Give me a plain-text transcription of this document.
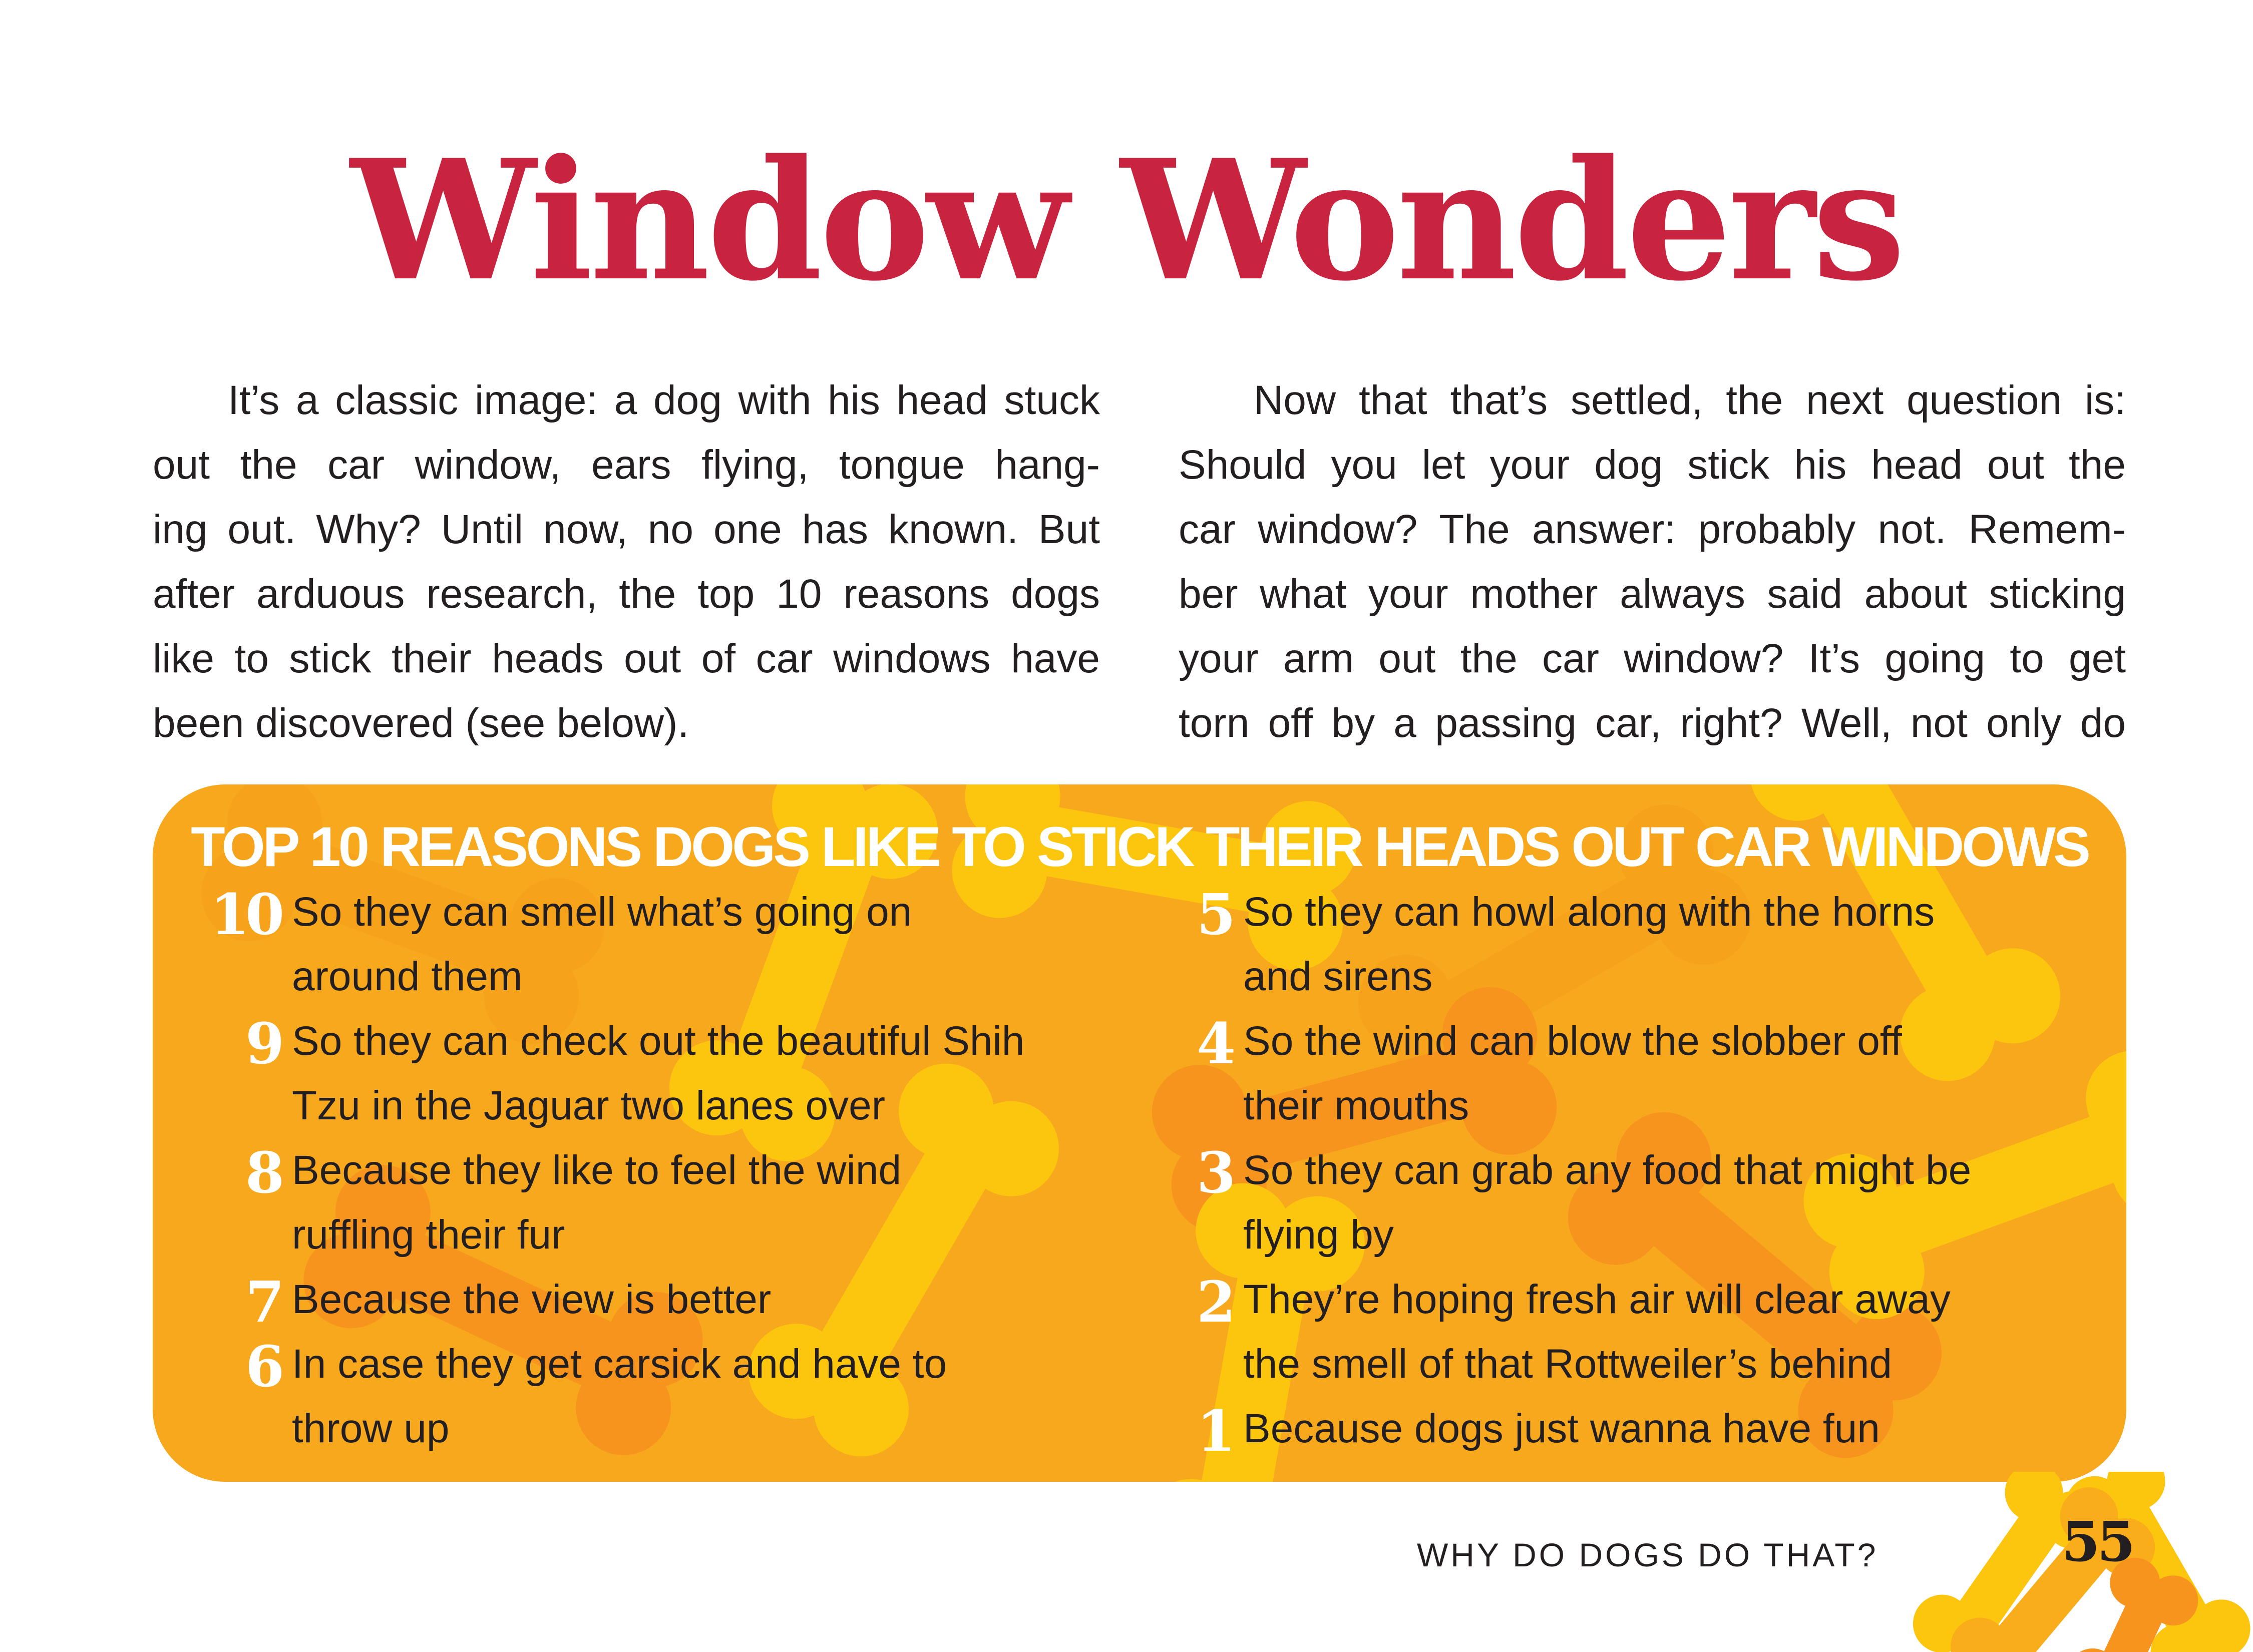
Window Wonders
It’s a classic image: a dog with his head stuck
out the car window, ears flying, tongue hang-
ing out. Why? Until now, no one has known. But
after arduous research, the top 10 reasons dogs
like to stick their heads out of car windows have
been discovered (see below).
Now that that’s settled, the next question is:
Should you let your dog stick his head out the
car window? The answer: probably not. Remem-
ber what your mother always said about sticking
your arm out the car window? It’s going to get
torn off by a passing car, right? Well, not only do
TOP 10 REASONS DOGS LIKE TO STICK THEIR HEADS OUT CAR WINDOWS
10 So they can smell what’s going on
around them
9 So they can check out the beautiful Shih
Tzu in the Jaguar two lanes over
8 Because they like to feel the wind
ruffling their fur
7 Because the view is better
6 In case they get carsick and have to
throw up
5 So they can howl along with the horns
and sirens
4 So the wind can blow the slobber off
their mouths
3 So they can grab any food that might be
flying by
2 They’re hoping fresh air will clear away
the smell of that Rottweiler’s behind
1 Because dogs just wanna have fun
WHY DO DOGS DO THAT?	55
